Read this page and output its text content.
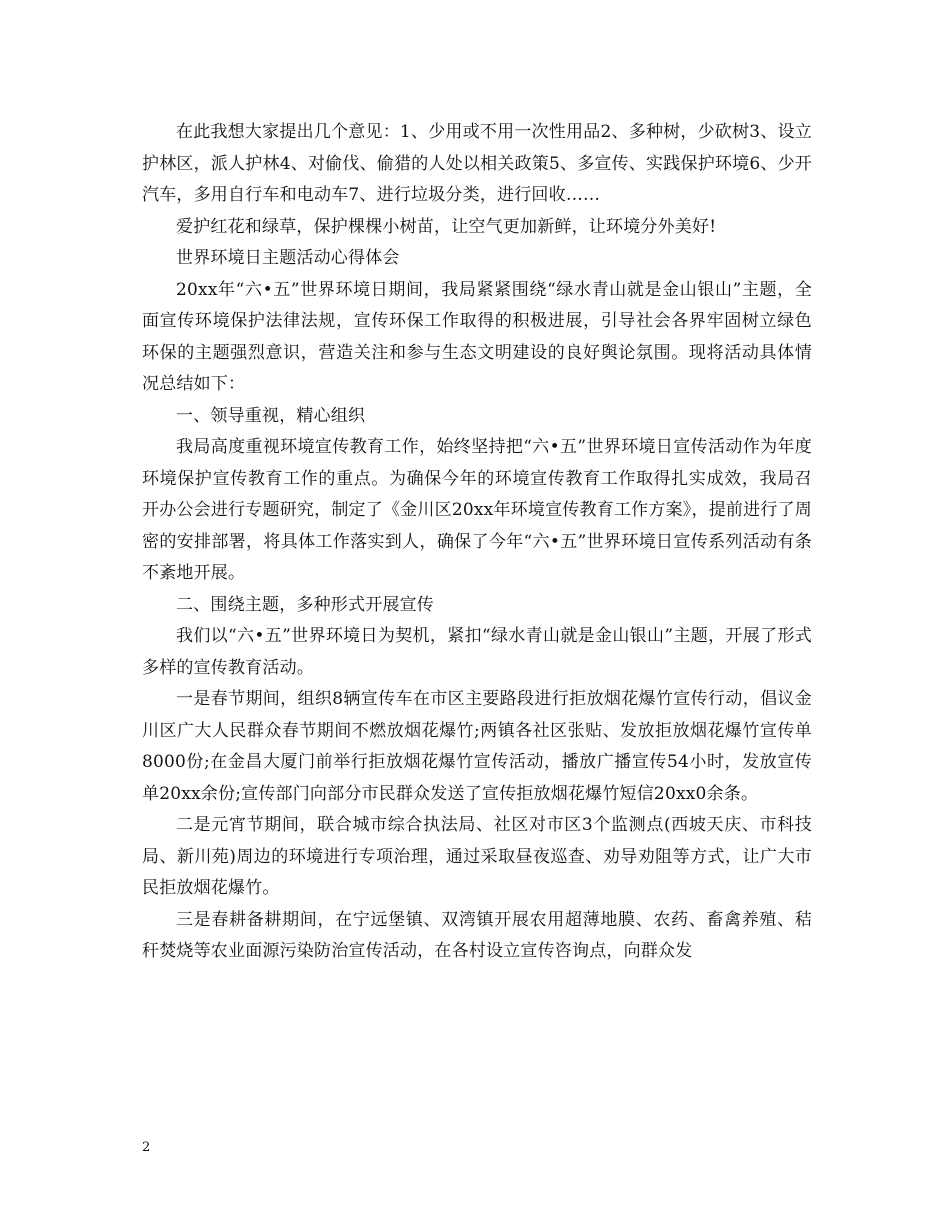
在此我想大家提出几个意见：1、少用或不用一次性用品2、多种树，少砍树3、设立护林区，派人护林4、对偷伐、偷猎的人处以相关政策5、多宣传、实践保护环境6、少开汽车，多用自行车和电动车7、进行垃圾分类，进行回收……

爱护红花和绿草，保护棵棵小树苗，让空气更加新鲜，让环境分外美好!

世界环境日主题活动心得体会

20xx年“六•五”世界环境日期间，我局紧紧围绕“绿水青山就是金山银山”主题，全面宣传环境保护法律法规，宣传环保工作取得的积极进展，引导社会各界牢固树立绿色环保的主题强烈意识，营造关注和参与生态文明建设的良好舆论氛围。现将活动具体情况总结如下：

一、领导重视，精心组织

我局高度重视环境宣传教育工作，始终坚持把“六•五”世界环境日宣传活动作为年度环境保护宣传教育工作的重点。为确保今年的环境宣传教育工作取得扎实成效，我局召开办公会进行专题研究，制定了《金川区20xx年环境宣传教育工作方案》，提前进行了周密的安排部署，将具体工作落实到人，确保了今年“六•五”世界环境日宣传系列活动有条不紊地开展。

二、围绕主题，多种形式开展宣传

我们以“六•五”世界环境日为契机，紧扣“绿水青山就是金山银山”主题，开展了形式多样的宣传教育活动。

一是春节期间，组织8辆宣传车在市区主要路段进行拒放烟花爆竹宣传行动，倡议金川区广大人民群众春节期间不燃放烟花爆竹;两镇各社区张贴、发放拒放烟花爆竹宣传单8000份;在金昌大厦门前举行拒放烟花爆竹宣传活动，播放广播宣传54小时，发放宣传单20xx余份;宣传部门向部分市民群众发送了宣传拒放烟花爆竹短信20xx0余条。

二是元宵节期间，联合城市综合执法局、社区对市区3个监测点(西坡天庆、市科技局、新川苑)周边的环境进行专项治理，通过采取昼夜巡查、劝导劝阻等方式，让广大市民拒放烟花爆竹。

三是春耕备耕期间，在宁远堡镇、双湾镇开展农用超薄地膜、农药、畜禽养殖、秸秆焚烧等农业面源污染防治宣传活动，在各村设立宣传咨询点，向群众发

2
